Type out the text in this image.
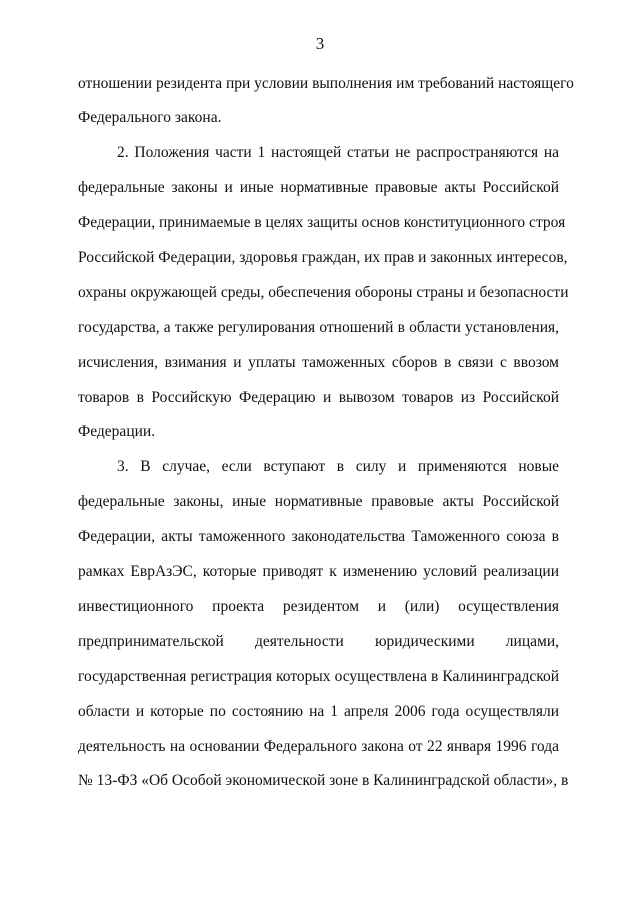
3
отношении резидента при условии выполнения им требований настоящего
Федерального закона.
2. Положения части 1 настоящей статьи не распространяются на
федеральные законы и иные нормативные правовые акты Российской
Федерации, принимаемые в целях защиты основ конституционного строя
Российской Федерации, здоровья граждан, их прав и законных интересов,
охраны окружающей среды, обеспечения обороны страны и безопасности
государства, а также регулирования отношений в области установления,
исчисления, взимания и уплаты таможенных сборов в связи с ввозом
товаров в Российскую Федерацию и вывозом товаров из Российской
Федерации.
3. В случае, если вступают в силу и применяются новые
федеральные законы, иные нормативные правовые акты Российской
Федерации, акты таможенного законодательства Таможенного союза в
рамках ЕврАзЭС, которые приводят к изменению условий реализации
инвестиционного проекта резидентом и (или) осуществления
предпринимательской деятельности юридическими лицами,
государственная регистрация которых осуществлена в Калининградской
области и которые по состоянию на 1 апреля 2006 года осуществляли
деятельность на основании Федерального закона от 22 января 1996 года
№ 13-ФЗ «Об Особой экономической зоне в Калининградской области», в
